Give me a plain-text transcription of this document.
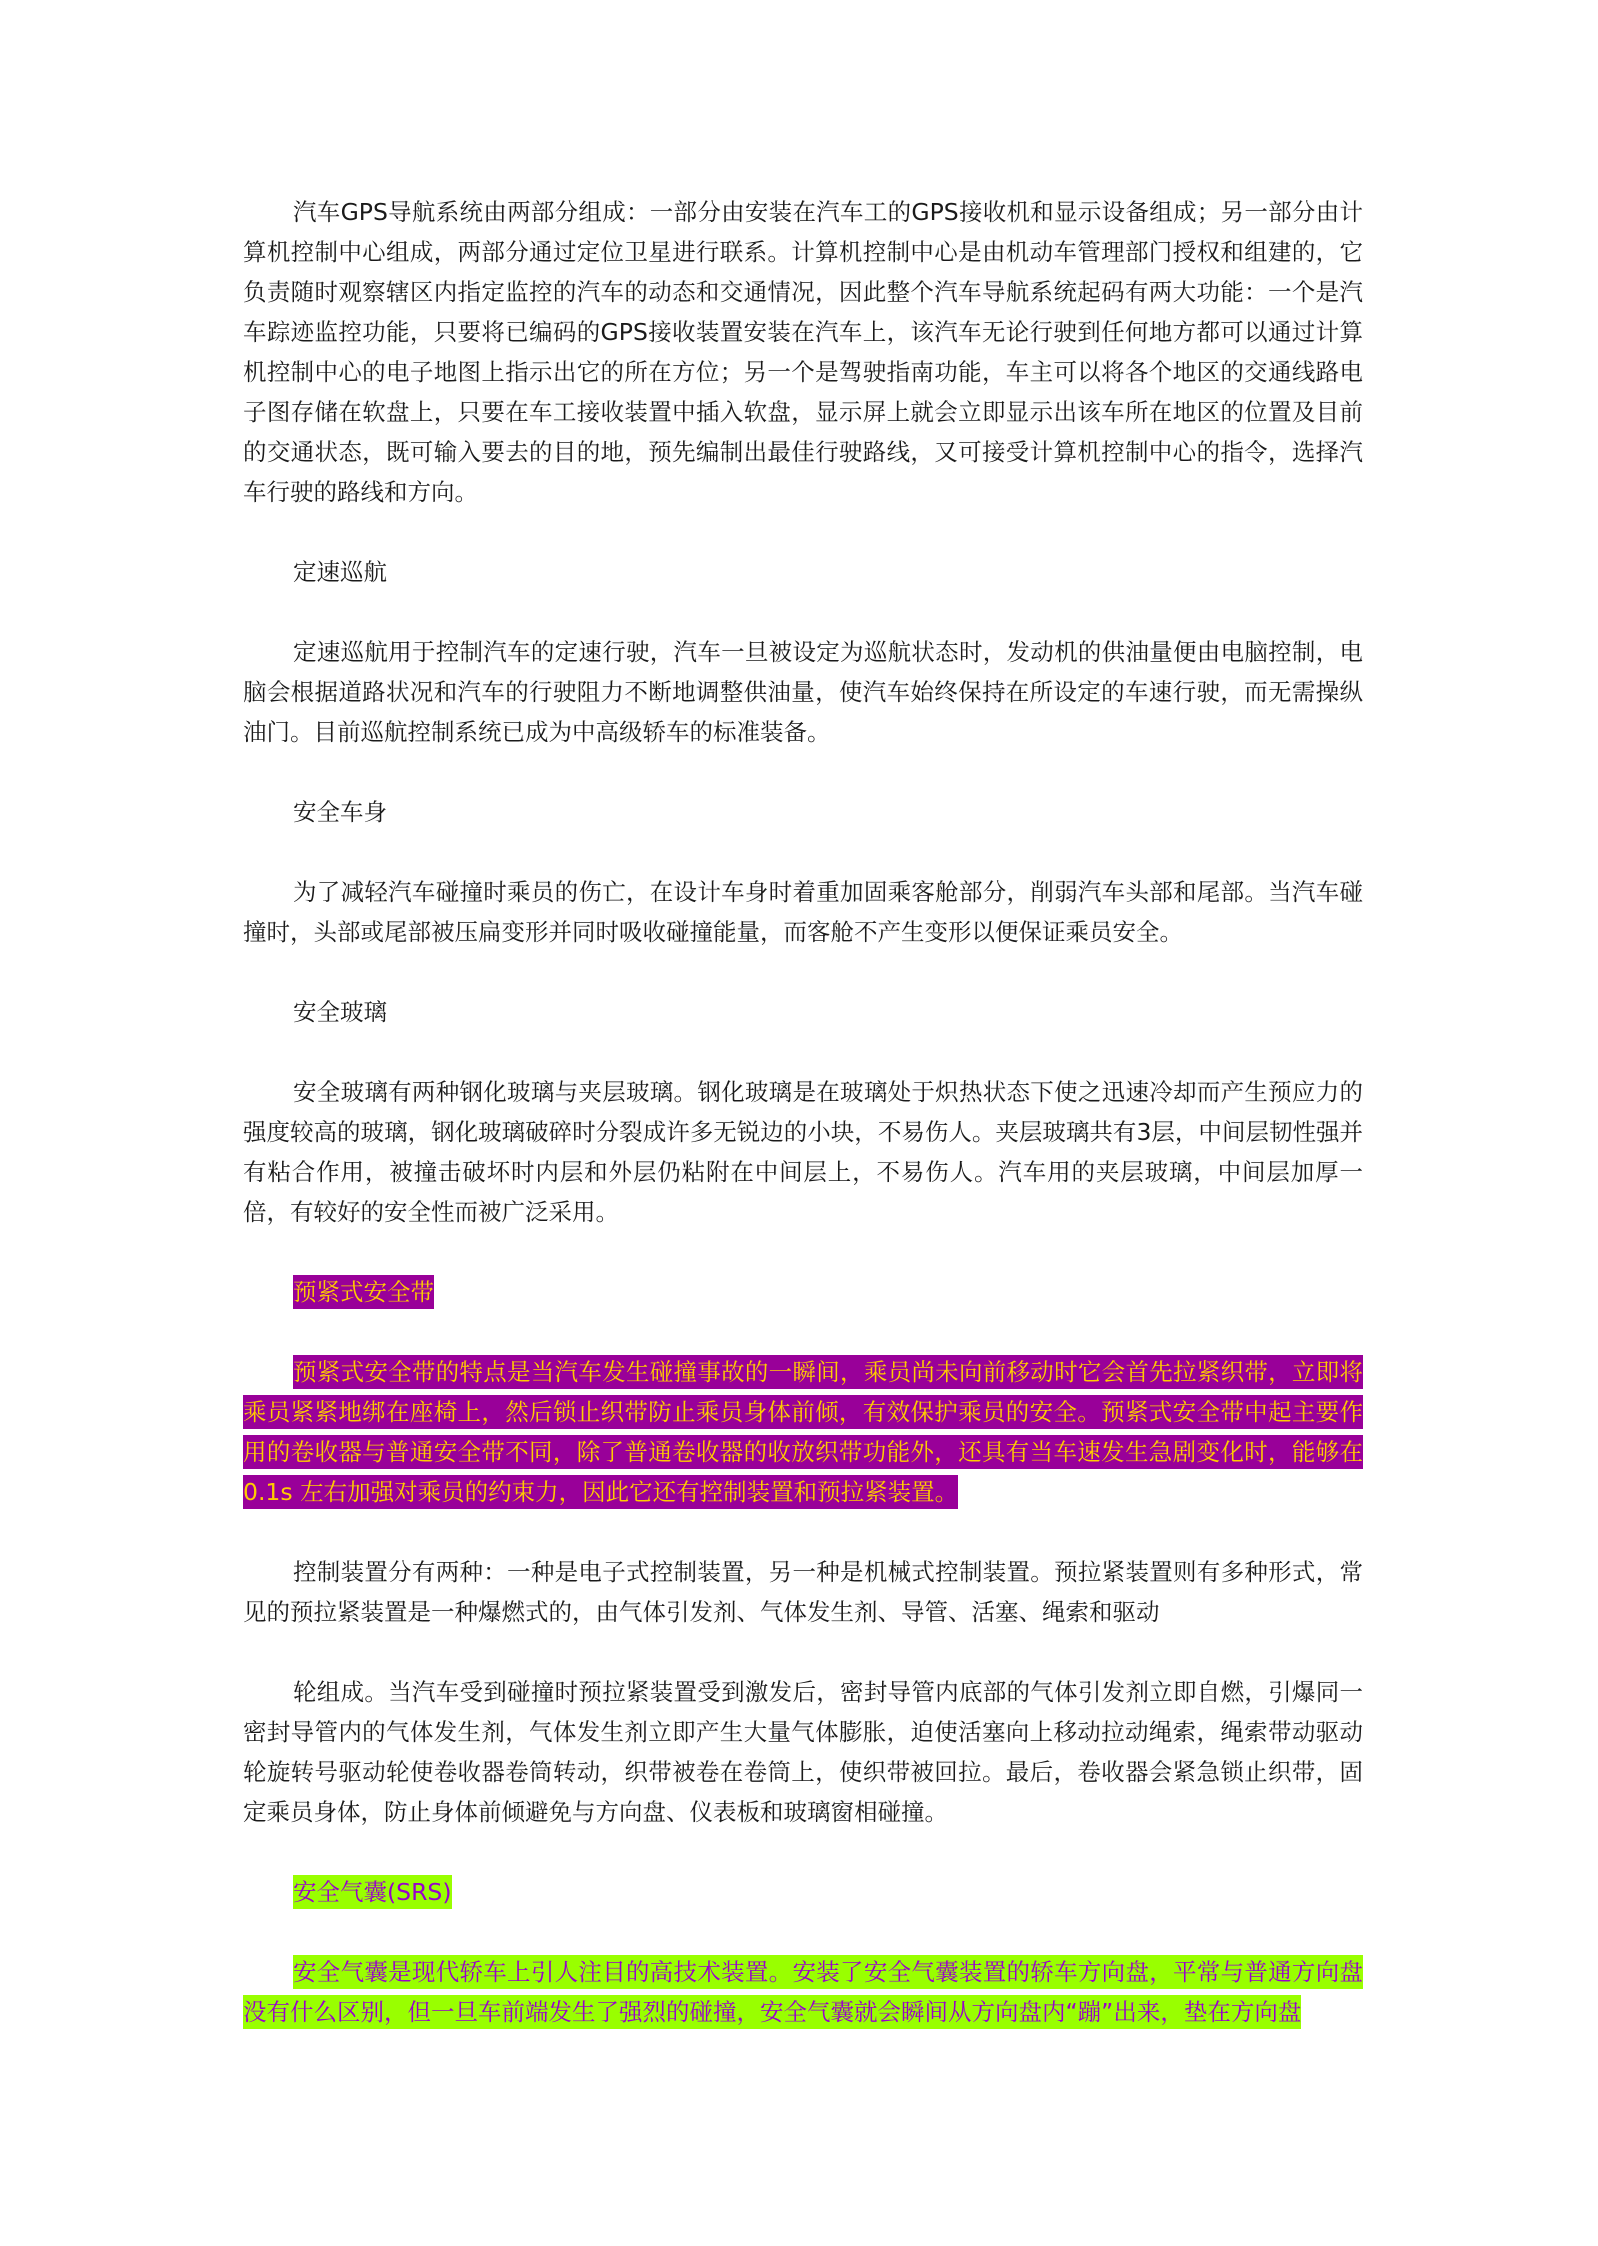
汽车GPS导航系统由两部分组成：一部分由安装在汽车工的GPS接收机和显示设备组成；另一部分由计算机控制中心组成，两部分通过定位卫星进行联系。计算机控制中心是由机动车管理部门授权和组建的，它负责随时观察辖区内指定监控的汽车的动态和交通情况，因此整个汽车导航系统起码有两大功能：一个是汽车踪迹监控功能，只要将已编码的GPS接收装置安装在汽车上，该汽车无论行驶到任何地方都可以通过计算机控制中心的电子地图上指示出它的所在方位；另一个是驾驶指南功能，车主可以将各个地区的交通线路电子图存储在软盘上，只要在车工接收装置中插入软盘，显示屏上就会立即显示出该车所在地区的位置及目前的交通状态，既可输入要去的目的地，预先编制出最佳行驶路线，又可接受计算机控制中心的指令，选择汽车行驶的路线和方向。

定速巡航

定速巡航用于控制汽车的定速行驶，汽车一旦被设定为巡航状态时，发动机的供油量便由电脑控制，电脑会根据道路状况和汽车的行驶阻力不断地调整供油量，使汽车始终保持在所设定的车速行驶，而无需操纵油门。目前巡航控制系统已成为中高级轿车的标准装备。

安全车身

为了减轻汽车碰撞时乘员的伤亡，在设计车身时着重加固乘客舱部分，削弱汽车头部和尾部。当汽车碰撞时，头部或尾部被压扁变形并同时吸收碰撞能量，而客舱不产生变形以便保证乘员安全。

安全玻璃

安全玻璃有两种钢化玻璃与夹层玻璃。钢化玻璃是在玻璃处于炽热状态下使之迅速冷却而产生预应力的强度较高的玻璃，钢化玻璃破碎时分裂成许多无锐边的小块，不易伤人。夹层玻璃共有3层，中间层韧性强并有粘合作用，被撞击破坏时内层和外层仍粘附在中间层上，不易伤人。汽车用的夹层玻璃，中间层加厚一倍，有较好的安全性而被广泛采用。

预紧式安全带

预紧式安全带的特点是当汽车发生碰撞事故的一瞬间，乘员尚未向前移动时它会首先拉紧织带，立即将乘员紧紧地绑在座椅上，然后锁止织带防止乘员身体前倾，有效保护乘员的安全。预紧式安全带中起主要作用的卷收器与普通安全带不同，除了普通卷收器的收放织带功能外，还具有当车速发生急剧变化时，能够在0.1s 左右加强对乘员的约束力，因此它还有控制装置和预拉紧装置。

控制装置分有两种：一种是电子式控制装置，另一种是机械式控制装置。预拉紧装置则有多种形式，常见的预拉紧装置是一种爆燃式的，由气体引发剂、气体发生剂、导管、活塞、绳索和驱动

轮组成。当汽车受到碰撞时预拉紧装置受到激发后，密封导管内底部的气体引发剂立即自燃，引爆同一密封导管内的气体发生剂，气体发生剂立即产生大量气体膨胀，迫使活塞向上移动拉动绳索，绳索带动驱动轮旋转号驱动轮使卷收器卷筒转动，织带被卷在卷筒上，使织带被回拉。最后，卷收器会紧急锁止织带，固定乘员身体，防止身体前倾避免与方向盘、仪表板和玻璃窗相碰撞。

安全气囊(SRS)

安全气囊是现代轿车上引人注目的高技术装置。安装了安全气囊装置的轿车方向盘，平常与普通方向盘没有什么区别，但一旦车前端发生了强烈的碰撞，安全气囊就会瞬间从方向盘内“蹦”出来，垫在方向盘
